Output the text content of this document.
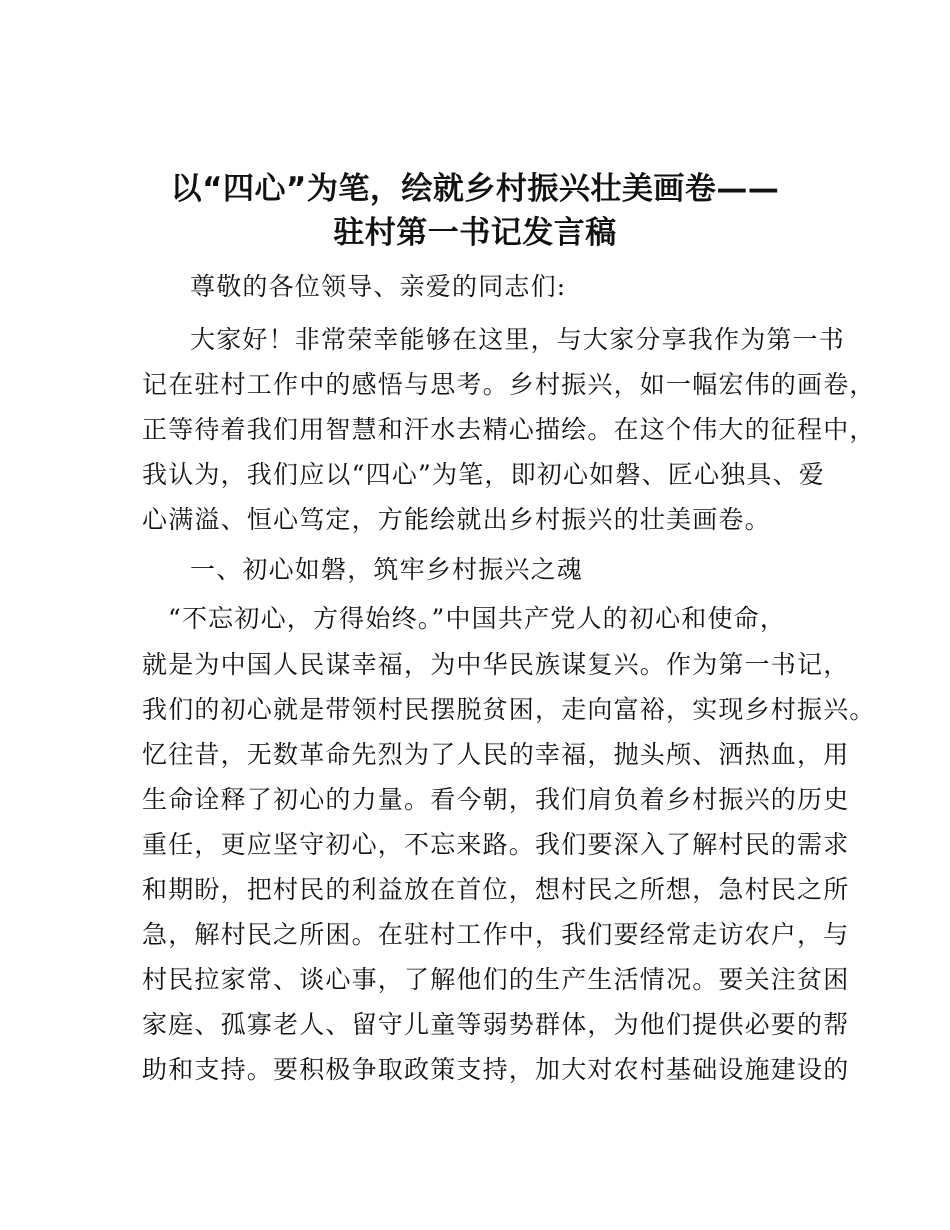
以“四心”为笔，绘就乡村振兴壮美画卷——
驻村第一书记发言稿

尊敬的各位领导、亲爱的同志们:

大家好！非常荣幸能够在这里，与大家分享我作为第一书

记在驻村工作中的感悟与思考。乡村振兴，如一幅宏伟的画卷，

正等待着我们用智慧和汗水去精心描绘。在这个伟大的征程中，

我认为，我们应以“四心”为笔，即初心如磐、匠心独具、爱

心满溢、恒心笃定，方能绘就出乡村振兴的壮美画卷。

一、初心如磐，筑牢乡村振兴之魂

“不忘初心，方得始终。”中国共产党人的初心和使命，

就是为中国人民谋幸福，为中华民族谋复兴。作为第一书记，

我们的初心就是带领村民摆脱贫困，走向富裕，实现乡村振兴。

忆往昔，无数革命先烈为了人民的幸福，抛头颅、洒热血，用

生命诠释了初心的力量。看今朝，我们肩负着乡村振兴的历史

重任，更应坚守初心，不忘来路。我们要深入了解村民的需求

和期盼，把村民的利益放在首位，想村民之所想，急村民之所

急，解村民之所困。在驻村工作中，我们要经常走访农户，与

村民拉家常、谈心事，了解他们的生产生活情况。要关注贫困

家庭、孤寡老人、留守儿童等弱势群体，为他们提供必要的帮

助和支持。要积极争取政策支持，加大对农村基础设施建设的
